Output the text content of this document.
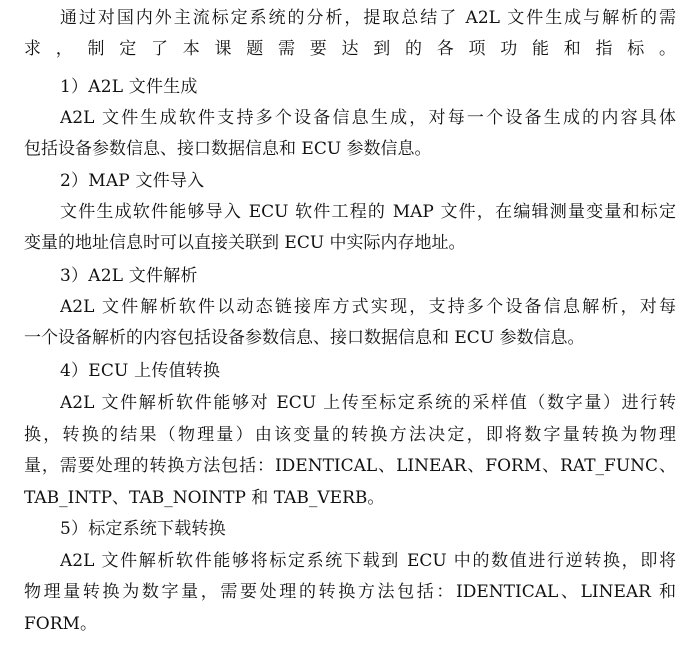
通过对国内外主流标定系统的分析，提取总结了 A2L 文件生成与解析的需
求，制定了本课题需要达到的各项功能和指标。
1）A2L 文件生成
A2L 文件生成软件支持多个设备信息生成，对每一个设备生成的内容具体
包括设备参数信息、接口数据信息和 ECU 参数信息。
2）MAP 文件导入
文件生成软件能够导入 ECU 软件工程的 MAP 文件，在编辑测量变量和标定
变量的地址信息时可以直接关联到 ECU 中实际内存地址。
3）A2L 文件解析
A2L 文件解析软件以动态链接库方式实现，支持多个设备信息解析，对每
一个设备解析的内容包括设备参数信息、接口数据信息和 ECU 参数信息。
4）ECU 上传值转换
A2L 文件解析软件能够对 ECU 上传至标定系统的采样值（数字量）进行转
换，转换的结果（物理量）由该变量的转换方法决定，即将数字量转换为物理
量，需要处理的转换方法包括：IDENTICAL、LINEAR、FORM、RAT_FUNC、
TAB_INTP、TAB_NOINTP 和 TAB_VERB。
5）标定系统下载转换
A2L 文件解析软件能够将标定系统下载到 ECU 中的数值进行逆转换，即将
物理量转换为数字量，需要处理的转换方法包括：IDENTICAL、LINEAR 和
FORM。
